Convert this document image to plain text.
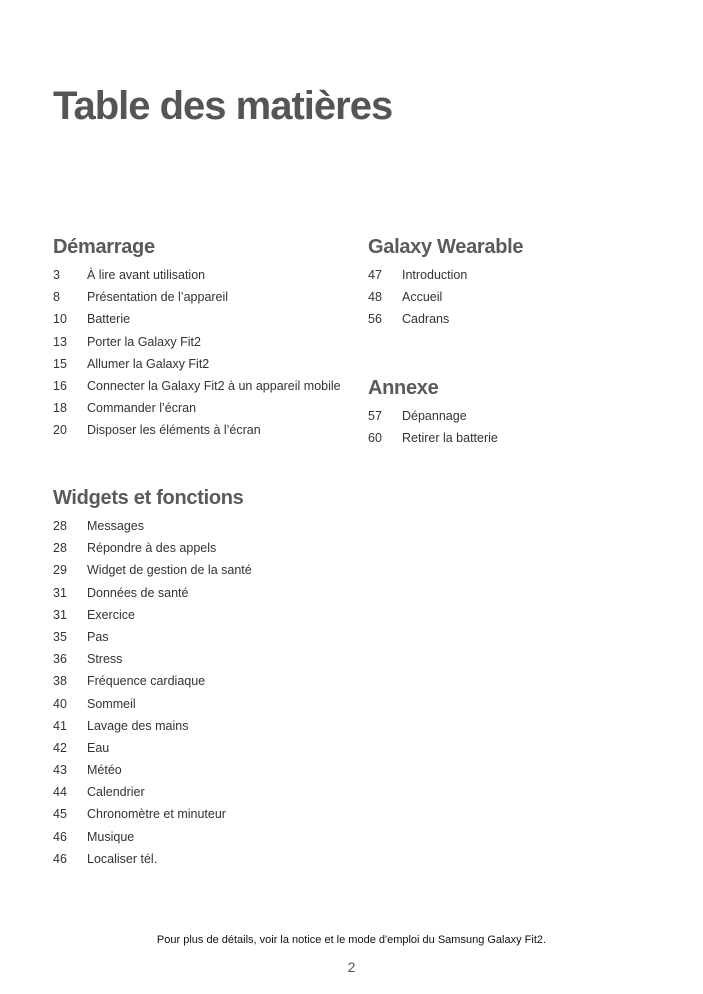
Table des matières
Démarrage
3	À lire avant utilisation
8	Présentation de l’appareil
10	Batterie
13	Porter la Galaxy Fit2
15	Allumer la Galaxy Fit2
16	Connecter la Galaxy Fit2 à un appareil mobile
18	Commander l’écran
20	Disposer les éléments à l’écran
Widgets et fonctions
28	Messages
28	Répondre à des appels
29	Widget de gestion de la santé
31	Données de santé
31	Exercice
35	Pas
36	Stress
38	Fréquence cardiaque
40	Sommeil
41	Lavage des mains
42	Eau
43	Météo
44	Calendrier
45	Chronomètre et minuteur
46	Musique
46	Localiser tél.
Galaxy Wearable
47	Introduction
48	Accueil
56	Cadrans
Annexe
57	Dépannage
60	Retirer la batterie
Pour plus de détails, voir la notice et le mode d'emploi du Samsung Galaxy Fit2.
2
